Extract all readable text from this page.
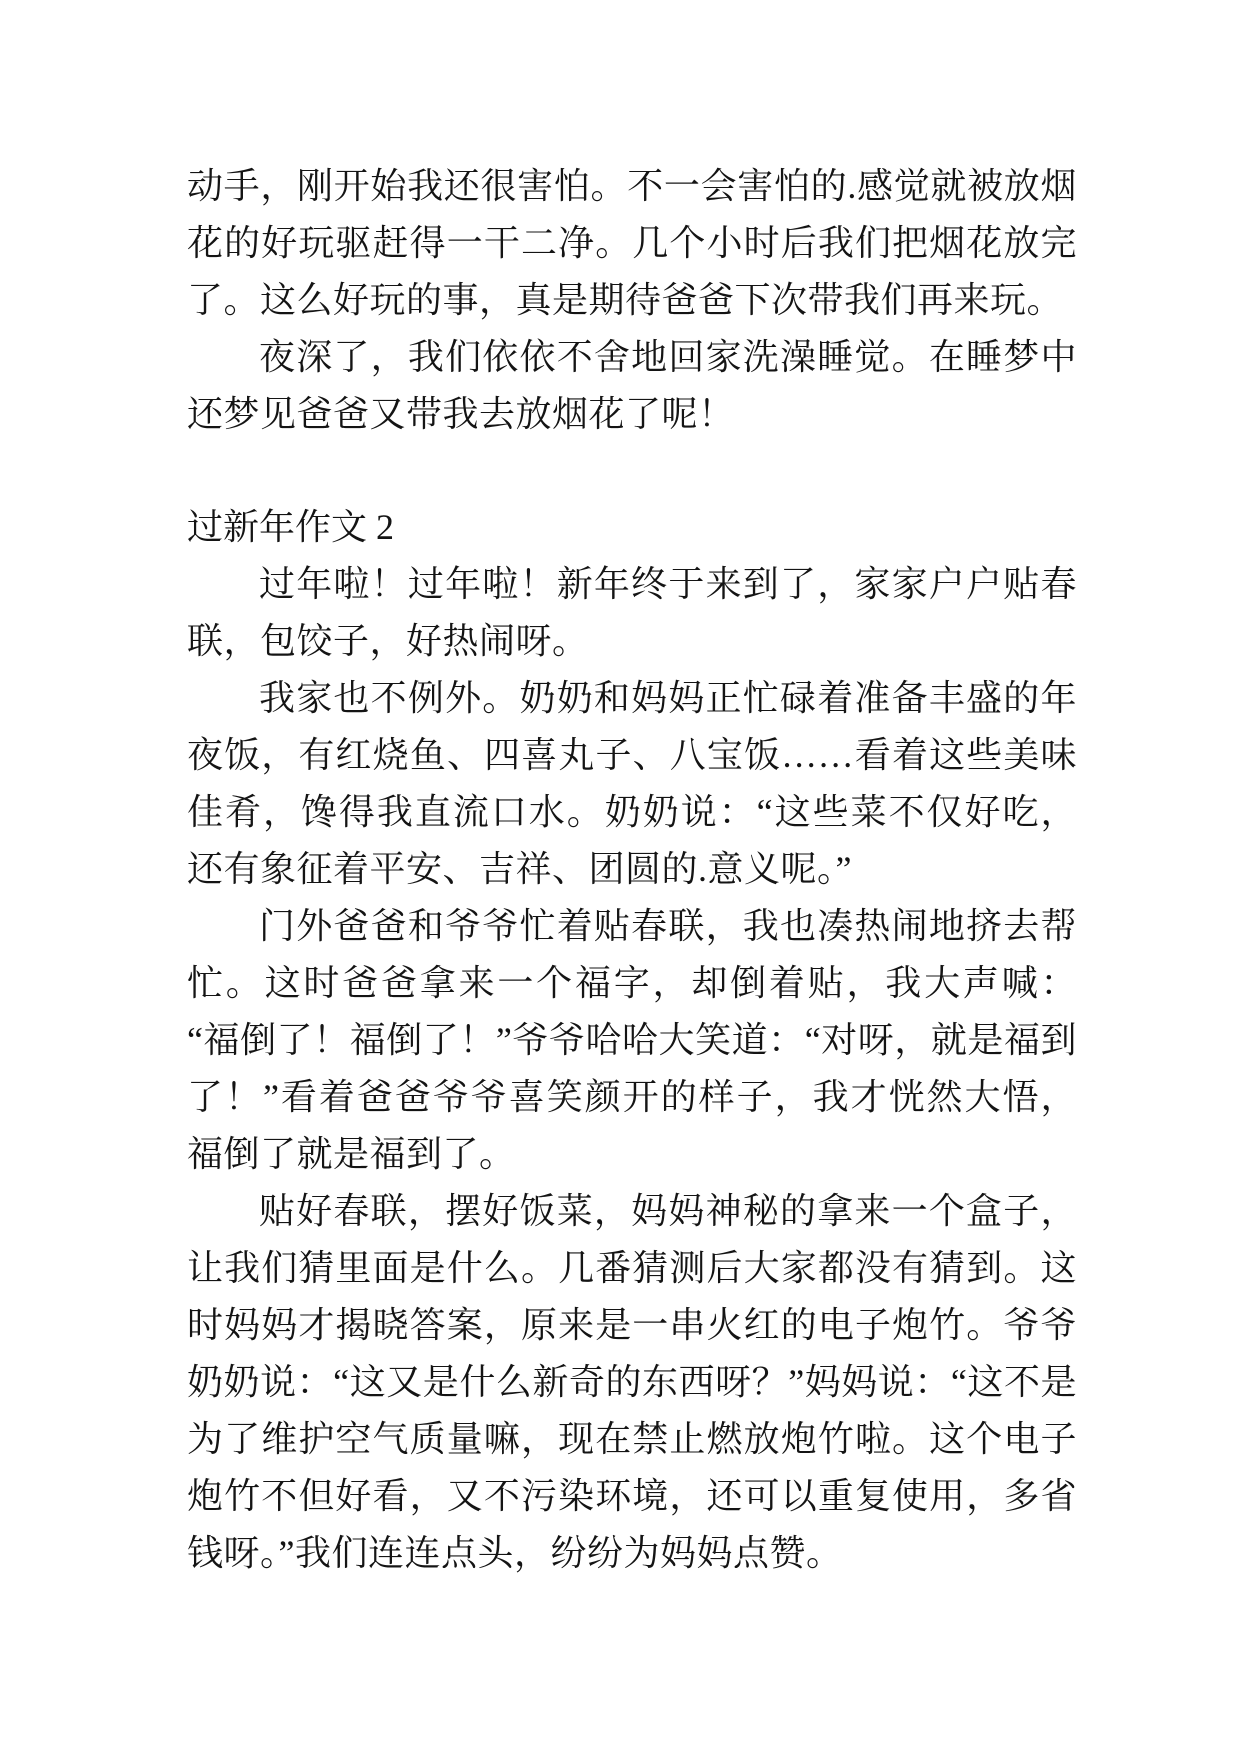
动手，刚开始我还很害怕。不一会害怕的.感觉就被放烟花的好玩驱赶得一干二净。几个小时后我们把烟花放完了。这么好玩的事，真是期待爸爸下次带我们再来玩。

夜深了，我们依依不舍地回家洗澡睡觉。在睡梦中还梦见爸爸又带我去放烟花了呢！

过新年作文 2

过年啦！过年啦！新年终于来到了，家家户户贴春联，包饺子，好热闹呀。

我家也不例外。奶奶和妈妈正忙碌着准备丰盛的年夜饭，有红烧鱼、四喜丸子、八宝饭……看着这些美味佳肴，馋得我直流口水。奶奶说：“这些菜不仅好吃，还有象征着平安、吉祥、团圆的.意义呢。”

门外爸爸和爷爷忙着贴春联，我也凑热闹地挤去帮忙。这时爸爸拿来一个福字，却倒着贴，我大声喊：“福倒了！福倒了！”爷爷哈哈大笑道：“对呀，就是福到了！”看着爸爸爷爷喜笑颜开的样子，我才恍然大悟，福倒了就是福到了。

贴好春联，摆好饭菜，妈妈神秘的拿来一个盒子，让我们猜里面是什么。几番猜测后大家都没有猜到。这时妈妈才揭晓答案，原来是一串火红的电子炮竹。爷爷奶奶说：“这又是什么新奇的东西呀？”妈妈说：“这不是为了维护空气质量嘛，现在禁止燃放炮竹啦。这个电子炮竹不但好看，又不污染环境，还可以重复使用，多省钱呀。”我们连连点头，纷纷为妈妈点赞。
